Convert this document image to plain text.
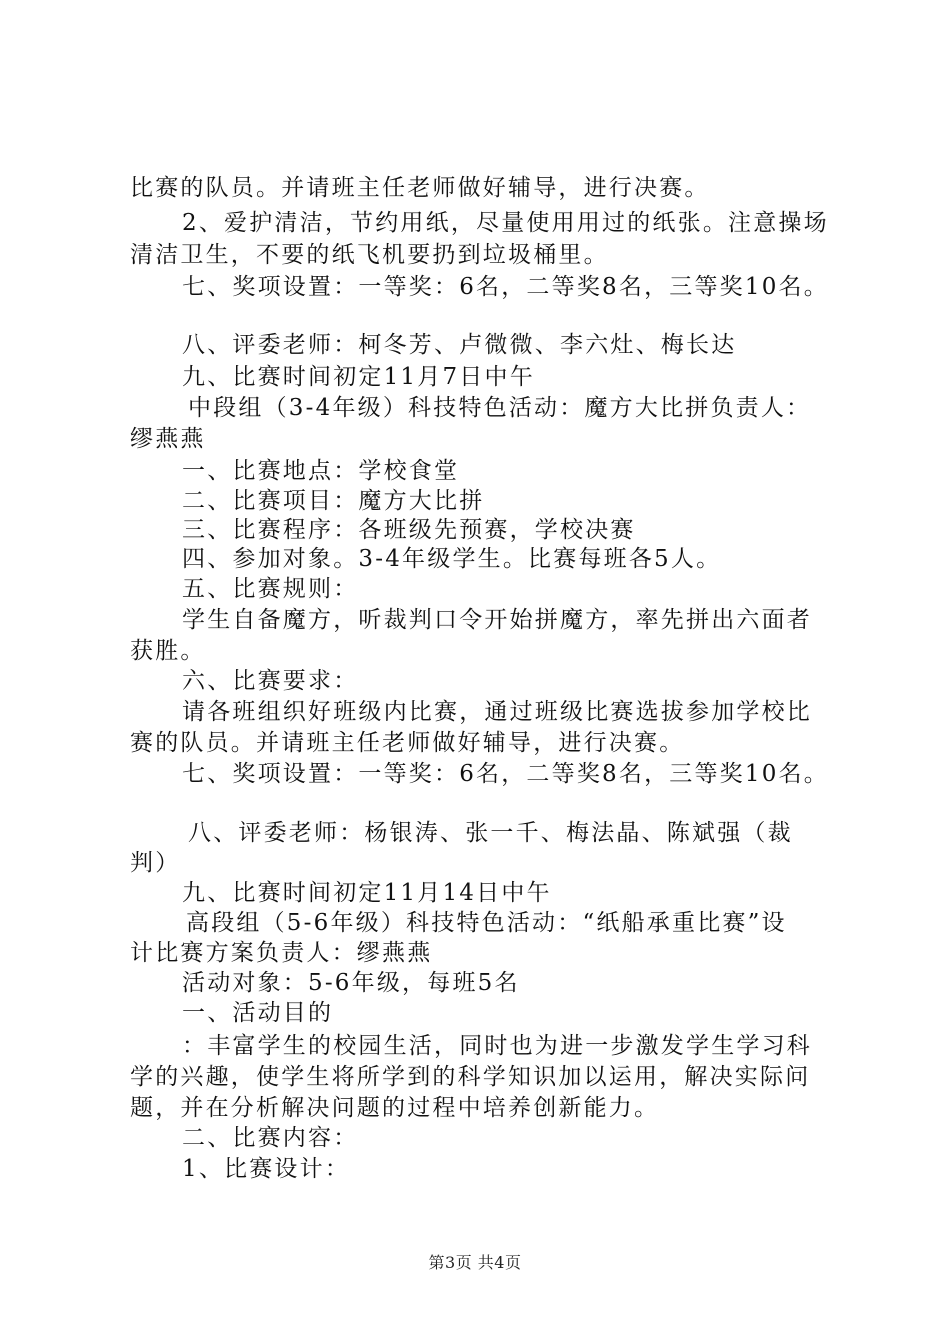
比赛的队员。并请班主任老师做好辅导，进行决赛。
2、爱护清洁，节约用纸，尽量使用用过的纸张。注意操场
清洁卫生，不要的纸飞机要扔到垃圾桶里。
七、奖项设置：一等奖：6名，二等奖8名，三等奖10名。
八、评委老师：柯冬芳、卢微微、李六灶、梅长达
九、比赛时间初定11月7日中午
中段组（3-4年级）科技特色活动：魔方大比拼负责人：
缪燕燕
一、比赛地点：学校食堂
二、比赛项目：魔方大比拼
三、比赛程序：各班级先预赛，学校决赛
四、参加对象。3-4年级学生。比赛每班各5人。
五、比赛规则：
学生自备魔方，听裁判口令开始拼魔方，率先拼出六面者
获胜。
六、比赛要求：
请各班组织好班级内比赛，通过班级比赛选拔参加学校比
赛的队员。并请班主任老师做好辅导，进行决赛。
七、奖项设置：一等奖：6名，二等奖8名，三等奖10名。
八、评委老师：杨银涛、张一千、梅法晶、陈斌强（裁
判）
九、比赛时间初定11月14日中午
高段组（5-6年级）科技特色活动：“纸船承重比赛”设
计比赛方案负责人：缪燕燕
活动对象：5-6年级，每班5名
一、活动目的
：丰富学生的校园生活，同时也为进一步激发学生学习科
学的兴趣，使学生将所学到的科学知识加以运用，解决实际问
题，并在分析解决问题的过程中培养创新能力。
二、比赛内容：
1、比赛设计：
第3页 共4页
